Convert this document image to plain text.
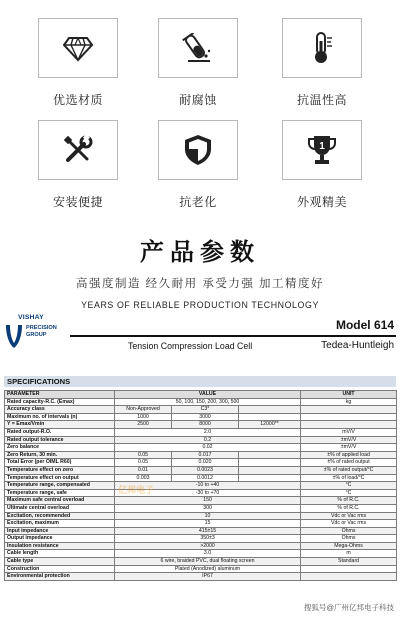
优选材质	耐腐蚀	抗温性高
安装便捷	抗老化
1
外观精美
产品参数
高强度制造 经久耐用 承受力强 加工精度好
YEARS OF RELIABLE PRODUCTION TECHNOLOGY
VISHAY
PRECISION
GROUP
Model 614
Tension Compression Load Cell	Tedea-Huntleigh
SPECIFICATIONS
PARAMETER	VALUE			UNIT
Rated capacity-R.C. (Emax)	50, 100, 150, 200, 300, 500			kg
Accuracy class	Non-Approved	C3*		
Maximum no. of intervals (n)	1000	3000		
Y = Emax/Vmin	2500	8000	12000**	
Rated output-R.O.	2.0			mV/V
Rated output tolerance	0.2			±mV/V
Zero balance	0.02			±mV/V
Zero Return, 30 min.	0.05	0.017		±% of applied load
Total Error (per OIML R60)	0.05	0.020		±% of rated output
Temperature effect on zero	0.01	0.0023		±% of rated output/°C
Temperature effect on output	0.003	0.0012		±% of load/°C
Temperature range, compensated	-10 to +40			°C
Temperature range, safe	-30 to +70			°C
Maximum safe central overload	150			% of R.C.
Ultimate central overload	300			% of R.C.
Excitation, recommended	10			Vdc or Vac rms
Excitation, maximum	15			Vdc or Vac rms
Input impedance	415±15			Ohms
Output impedance	350±3			Ohms
Insulation resistance	>2000			Mega-Ohms
Cable length	3.0			m
Cable type	6 wire, braided PVC, dual floating screen			Standard
Construction	Plated (Anodized) aluminum			
Environmental protection	IP67			
亿邦电子
搜狐号@广州亿邦电子科技
